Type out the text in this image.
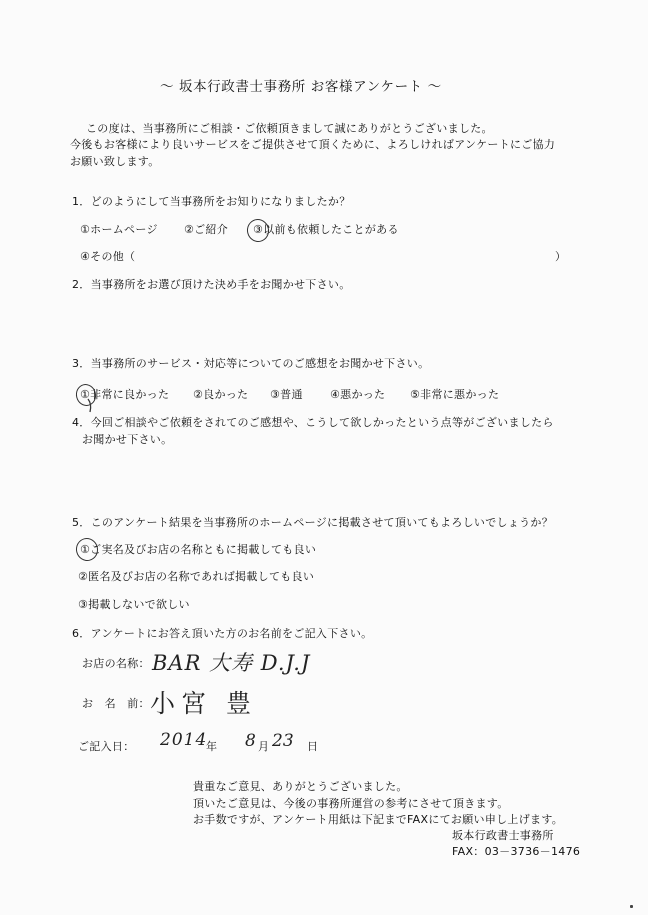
～ 坂本行政書士事務所 お客様アンケート ～
この度は、当事務所にご相談・ご依頼頂きまして誠にありがとうございました。
今後もお客様により良いサービスをご提供させて頂くために、よろしければアンケートにご協力
お願い致します。
1．どのようにして当事務所をお知りになりましたか？
①ホームページ ②ご紹介 ③以前も依頼したことがある
④その他（	）
2．当事務所をお選び頂けた決め手をお聞かせ下さい。
3．当事務所のサービス・対応等についてのご感想をお聞かせ下さい。
①非常に良かった ②良かった ③普通 ④悪かった ⑤非常に悪かった
4．今回ご相談やご依頼をされてのご感想や、こうして欲しかったという点等がございましたら
お聞かせ下さい。
5．このアンケート結果を当事務所のホームページに掲載させて頂いてもよろしいでしょうか？
①ご実名及びお店の名称ともに掲載しても良い
②匿名及びお店の名称であれば掲載しても良い
③掲載しないで欲しい
6．アンケートにお答え頂いた方のお名前をご記入下さい。
お店の名称： BAR 大寿 D.J.J
お　名　前： 小宮 豊
ご記入日： 2014
年 8 月 23 日
貴重なご意見、ありがとうございました。
頂いたご意見は、今後の事務所運営の参考にさせて頂きます。
お手数ですが、アンケート用紙は下記までFAXにてお願い申し上げます。
坂本行政書士事務所
FAX：03－3736－1476
